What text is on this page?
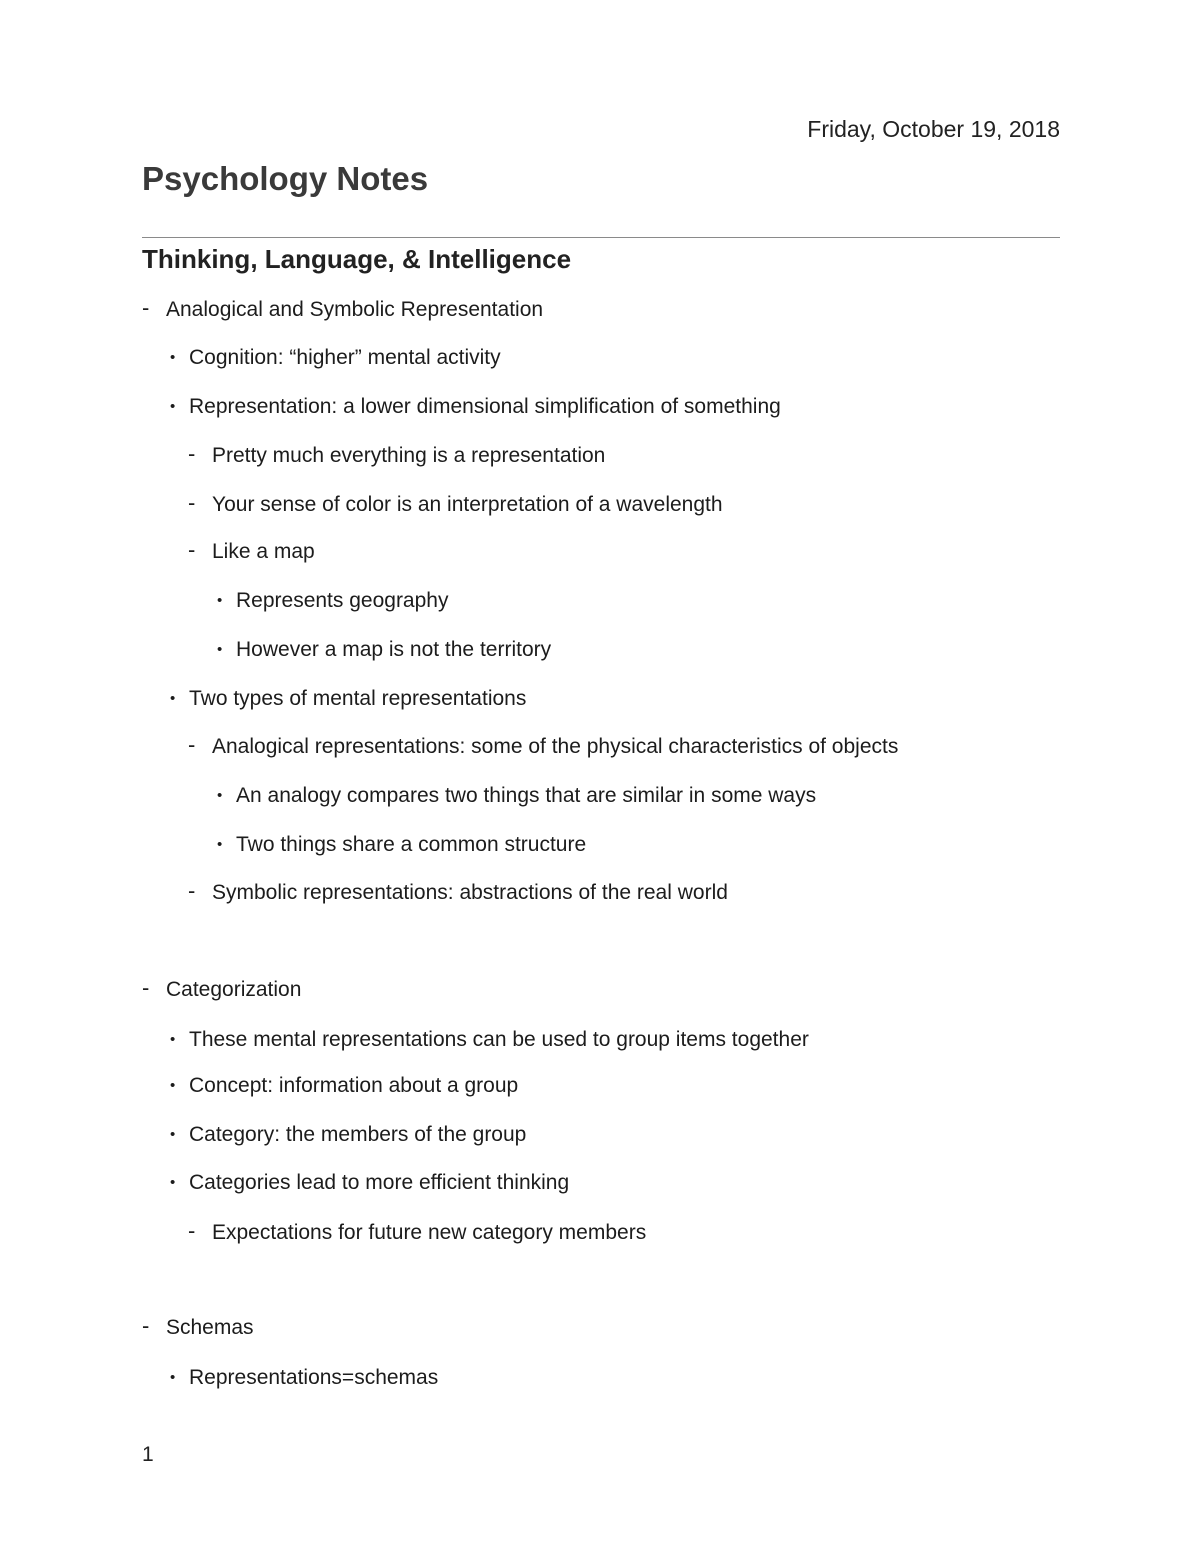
Friday, October 19, 2018
Psychology Notes
Thinking, Language, & Intelligence
- Analogical and Symbolic Representation
• Cognition: “higher” mental activity
• Representation: a lower dimensional simplification of something
- Pretty much everything is a representation
- Your sense of color is an interpretation of a wavelength
- Like a map
• Represents geography
• However a map is not the territory
• Two types of mental representations
- Analogical representations: some of the physical characteristics of objects
• An analogy compares two things that are similar in some ways
• Two things share a common structure
- Symbolic representations: abstractions of the real world
- Categorization
• These mental representations can be used to group items together
• Concept: information about a group
• Category: the members of the group
• Categories lead to more efficient thinking
- Expectations for future new category members
- Schemas
• Representations=schemas
1
